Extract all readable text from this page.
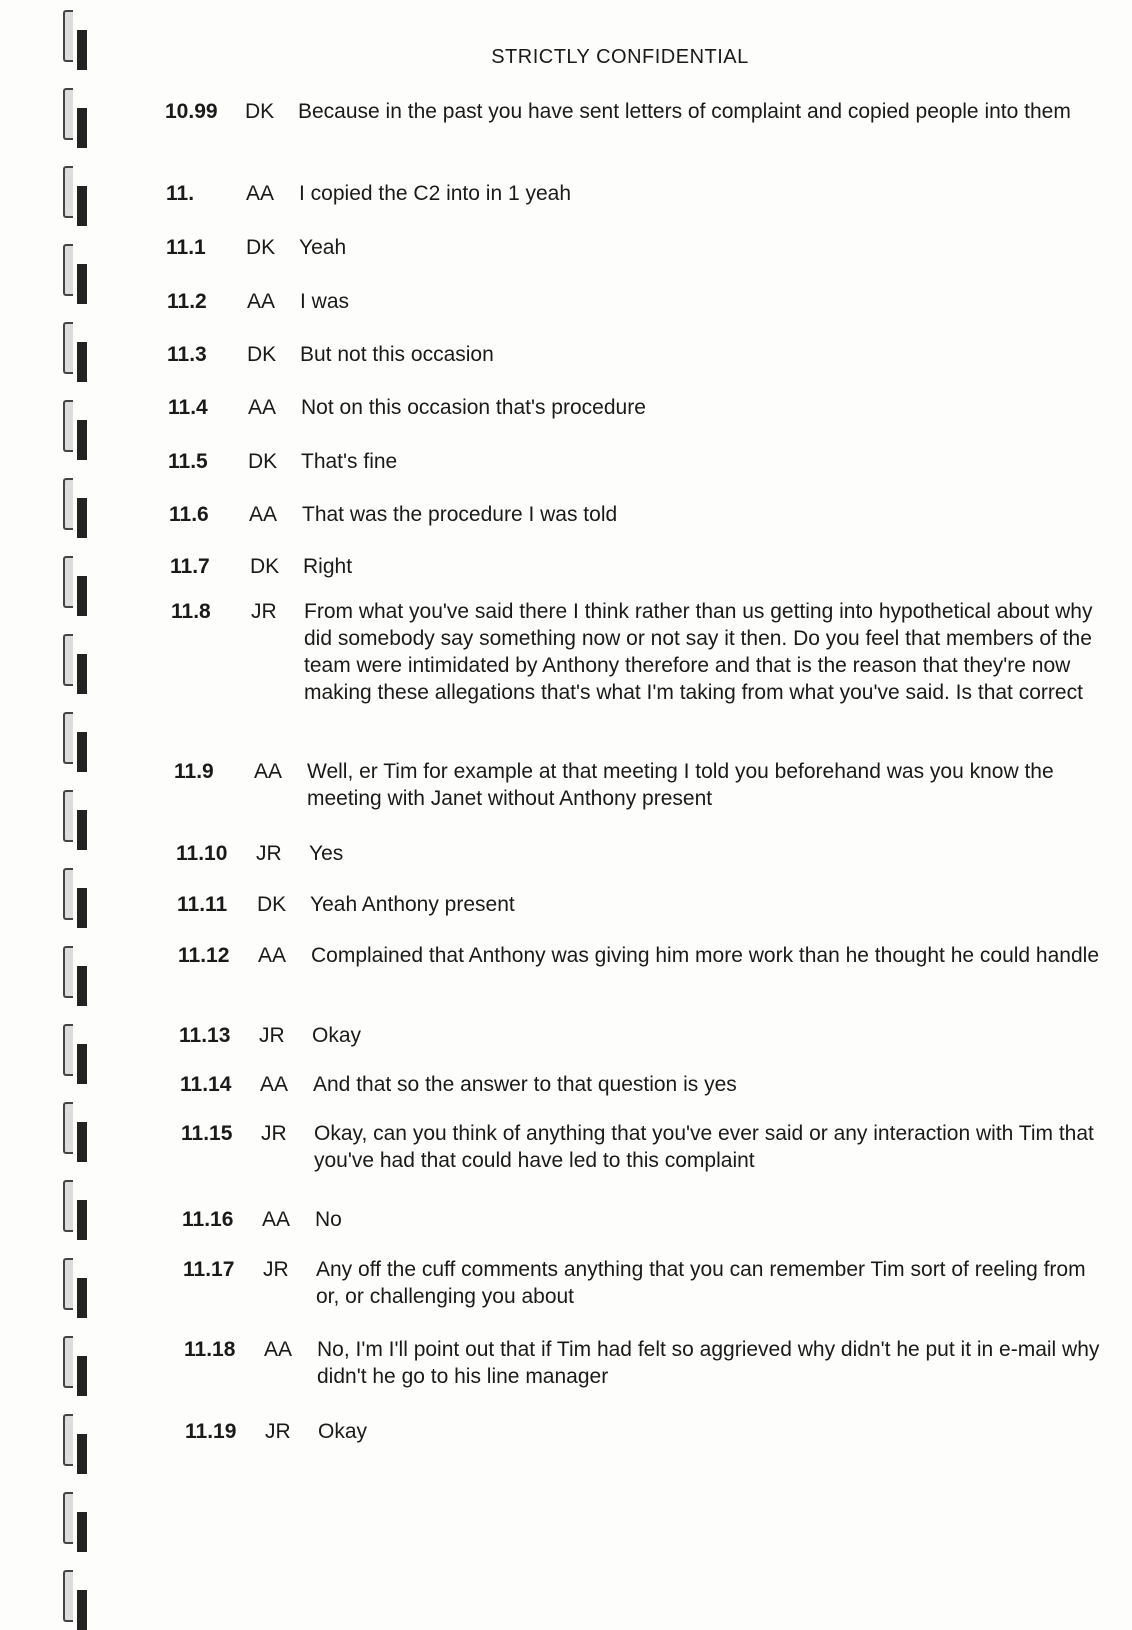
STRICTLY CONFIDENTIAL
10.99	DK	Because in the past you have sent letters of complaint and copied people into them
11.	AA	I copied the C2 into in 1 yeah
11.1	DK	Yeah
11.2	AA	I was
11.3	DK	But not this occasion
11.4	AA	Not on this occasion that's procedure
11.5	DK	That's fine
11.6	AA	That was the procedure I was told
11.7	DK	Right
11.8	JR	From what you've said there I think rather than us getting into hypothetical about why did somebody say something now or not say it then. Do you feel that members of the team were intimidated by Anthony therefore and that is the reason that they're now making these allegations that's what I'm taking from what you've said. Is that correct
11.9	AA	Well, er Tim for example at that meeting I told you beforehand was you know the meeting with Janet without Anthony present
11.10	JR	Yes
11.11	DK	Yeah Anthony present
11.12	AA	Complained that Anthony was giving him more work than he thought he could handle
11.13	JR	Okay
11.14	AA	And that so the answer to that question is yes
11.15	JR	Okay, can you think of anything that you've ever said or any interaction with Tim that you've had that could have led to this complaint
11.16	AA	No
11.17	JR	Any off the cuff comments anything that you can remember Tim sort of reeling from or, or challenging you about
11.18	AA	No, I'm I'll point out that if Tim had felt so aggrieved why didn't he put it in e-mail why didn't he go to his line manager
11.19	JR	Okay
